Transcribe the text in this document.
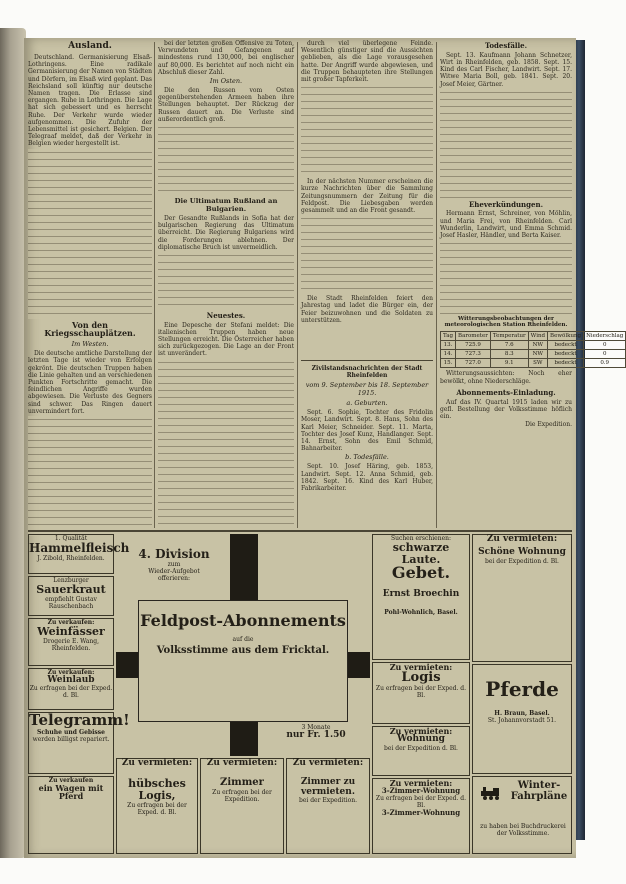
Ausland.

Deutschland. Germanisierung Elsaß-Lothringens. Eine radikale Germanisierung der Namen von Städten und Dörfern, im Elsaß wird geplant. Das Reichsland soll künftig nur deutsche Namen tragen. Die Erlasse sind ergangen. Ruhe in Lothringen. Die Lage hat sich gebessert und es herrscht Ruhe. Der Verkehr wurde wieder aufgenommen. Die Zufuhr der Lebensmittel ist gesichert. Belgien. Der Telegraaf meldet, daß der Verkehr in Belgien wieder hergestellt ist.

Von den Kriegsschauplätzen.
Im Westen.

Die deutsche amtliche Darstellung der letzten Tage ist wieder von Erfolgen gekrönt. Die deutschen Truppen haben die Linie gehalten und an verschiedenen Punkten Fortschritte gemacht. Die feindlichen Angriffe wurden abgewiesen. Die Verluste des Gegners sind schwer. Das Ringen dauert unvermindert fort.

bei der letzten großen Offensive zu Toten, Verwundeten und Gefangenen auf mindestens rund 130,000, bei englischer auf 80,000. Es berichtet auf noch nicht ein Abschluß dieser Zahl.

Im Osten.

Die den Russen vom Osten gegenüberstehenden Armeen haben ihre Stellungen behauptet. Der Rückzug der Russen dauert an. Die Verluste sind außerordentlich groß.

Die Ultimatum Rußland an Bulgarien.

Der Gesandte Rußlands in Sofia hat der bulgarischen Regierung das Ultimatum überreicht. Die Regierung Bulgariens wird die Forderungen ablehnen. Der diplomatische Bruch ist unvermeidlich.

Neuestes.

Eine Depesche der Stefani meldet: Die italienischen Truppen haben neue Stellungen erreicht. Die Österreicher haben sich zurückgezogen. Die Lage an der Front ist unverändert.

durch viel überlegene Feinde. Wesentlich günstiger sind die Aussichten geblieben, als die Lage vorausgesehen hatte. Der Angriff wurde abgewiesen, und die Truppen behaupteten ihre Stellungen mit großer Tapferkeit.

In der nächsten Nummer erscheinen die kurze Nachrichten über die Sammlung Zeitungsnummern der Zeitung für die Feldpost. Die Liebesgaben werden gesammelt und an die Front gesandt.

Die Stadt Rheinfelden feiert den Jahrestag und ladet die Bürger ein, der Feier beizuwohnen und die Soldaten zu unterstützen.

Zivilstandsnachrichten der Stadt Rheinfelden
vom 9. September bis 18. September 1915.
a. Geburten.

Sept. 6. Sophie, Tochter des Fridolin Moser, Landwirt. Sept. 8. Hans, Sohn des Karl Meier, Schneider. Sept. 11. Marta, Tochter des Josef Kunz, Handlanger. Sept. 14. Ernst, Sohn des Emil Schmid, Bahnarbeiter.

b. Todesfälle.

Sept. 10. Josef Häring, geb. 1853, Landwirt. Sept. 12. Anna Schmid, geb. 1842. Sept. 16. Kind des Karl Huber, Fabrikarbeiter.

Todesfälle.

Sept. 13. Kaufmann Johann Schnetzer, Wirt in Rheinfelden, geb. 1858. Sept. 15. Kind des Carl Fischer, Landwirt. Sept. 17. Witwe Maria Boll, geb. 1841. Sept. 20. Josef Meier, Gärtner.

Eheverkündungen.

Hermann Ernst, Schreiner, von Möhlin, und Maria Frei, von Rheinfelden. Carl Wunderlin, Landwirt, und Emma Schmid. Josef Hasler, Händler, und Berta Kaiser.

Witterungsbeobachtungen der meteorologischen Station Rheinfelden.
Tag	Barometer	Temperatur	Wind	Bewölkung	Niederschlag
13.	725.9	7.6	NW	bedeckt	0
14.	727.3	8.3	NW	bedeckt	0
15.	727.0	9.1	SW	bedeckt	0.9

Witterungsaussichten: Noch eher bewölkt, ohne Niederschläge.

Abonnements-Einladung.

Auf das IV. Quartal 1915 laden wir zu gefl. Bestellung der Volksstimme höflich ein.

Die Expedition.
1. Qualität
Hammelfleisch
J. Zibold, Rheinfelden.
Lenzburger
Sauerkraut
empfiehlt Gustav Rauschenbach
Zu verkaufen:
Weinfässer
Drogerie E. Wang, Rheinfelden.
Zu verkaufen:
Weinlaub
Zu erfragen bei der Exped. d. Bl.
Telegramm!
Schuhe und Gebisse
werden billigst repariert.
Zu verkaufen
ein Wagen mit Pferd
4. Division
zum
Wieder-Aufgebot
offerieren:
Feldpost-Abonnements
auf die
Volksstimme aus dem Fricktal.
3 Monate
nur Fr. 1.50
Zu vermieten:
hübsches Logis,
Zu erfragen bei der Exped. d. Bl.
Zu vermieten:
Zimmer
Zu erfragen bei der Expedition.
Zu vermieten:
Zimmer zu vermieten.
bei der Expedition.
Suchen erschienen:
schwarze Laute.
Gebet.
Ernst Broechin
Pohl-Wohnlich, Basel.
Zu vermieten:
Logis
Zu erfragen bei der Exped. d. Bl.
Zu vermieten:
Wohnung
bei der Expedition d. Bl.
Zu vermieten:
3-Zimmer-Wohnung
Zu erfragen bei der Exped. d. Bl.
3-Zimmer-Wohnung
Zu vermieten:
Schöne Wohnung
bei der Expedition d. Bl.
Pferde
H. Braun, Basel.
St. Johannvorstadt 51.
Winter-
Fahrpläne
zu haben bei Buchdruckerei der Volksstimme.
